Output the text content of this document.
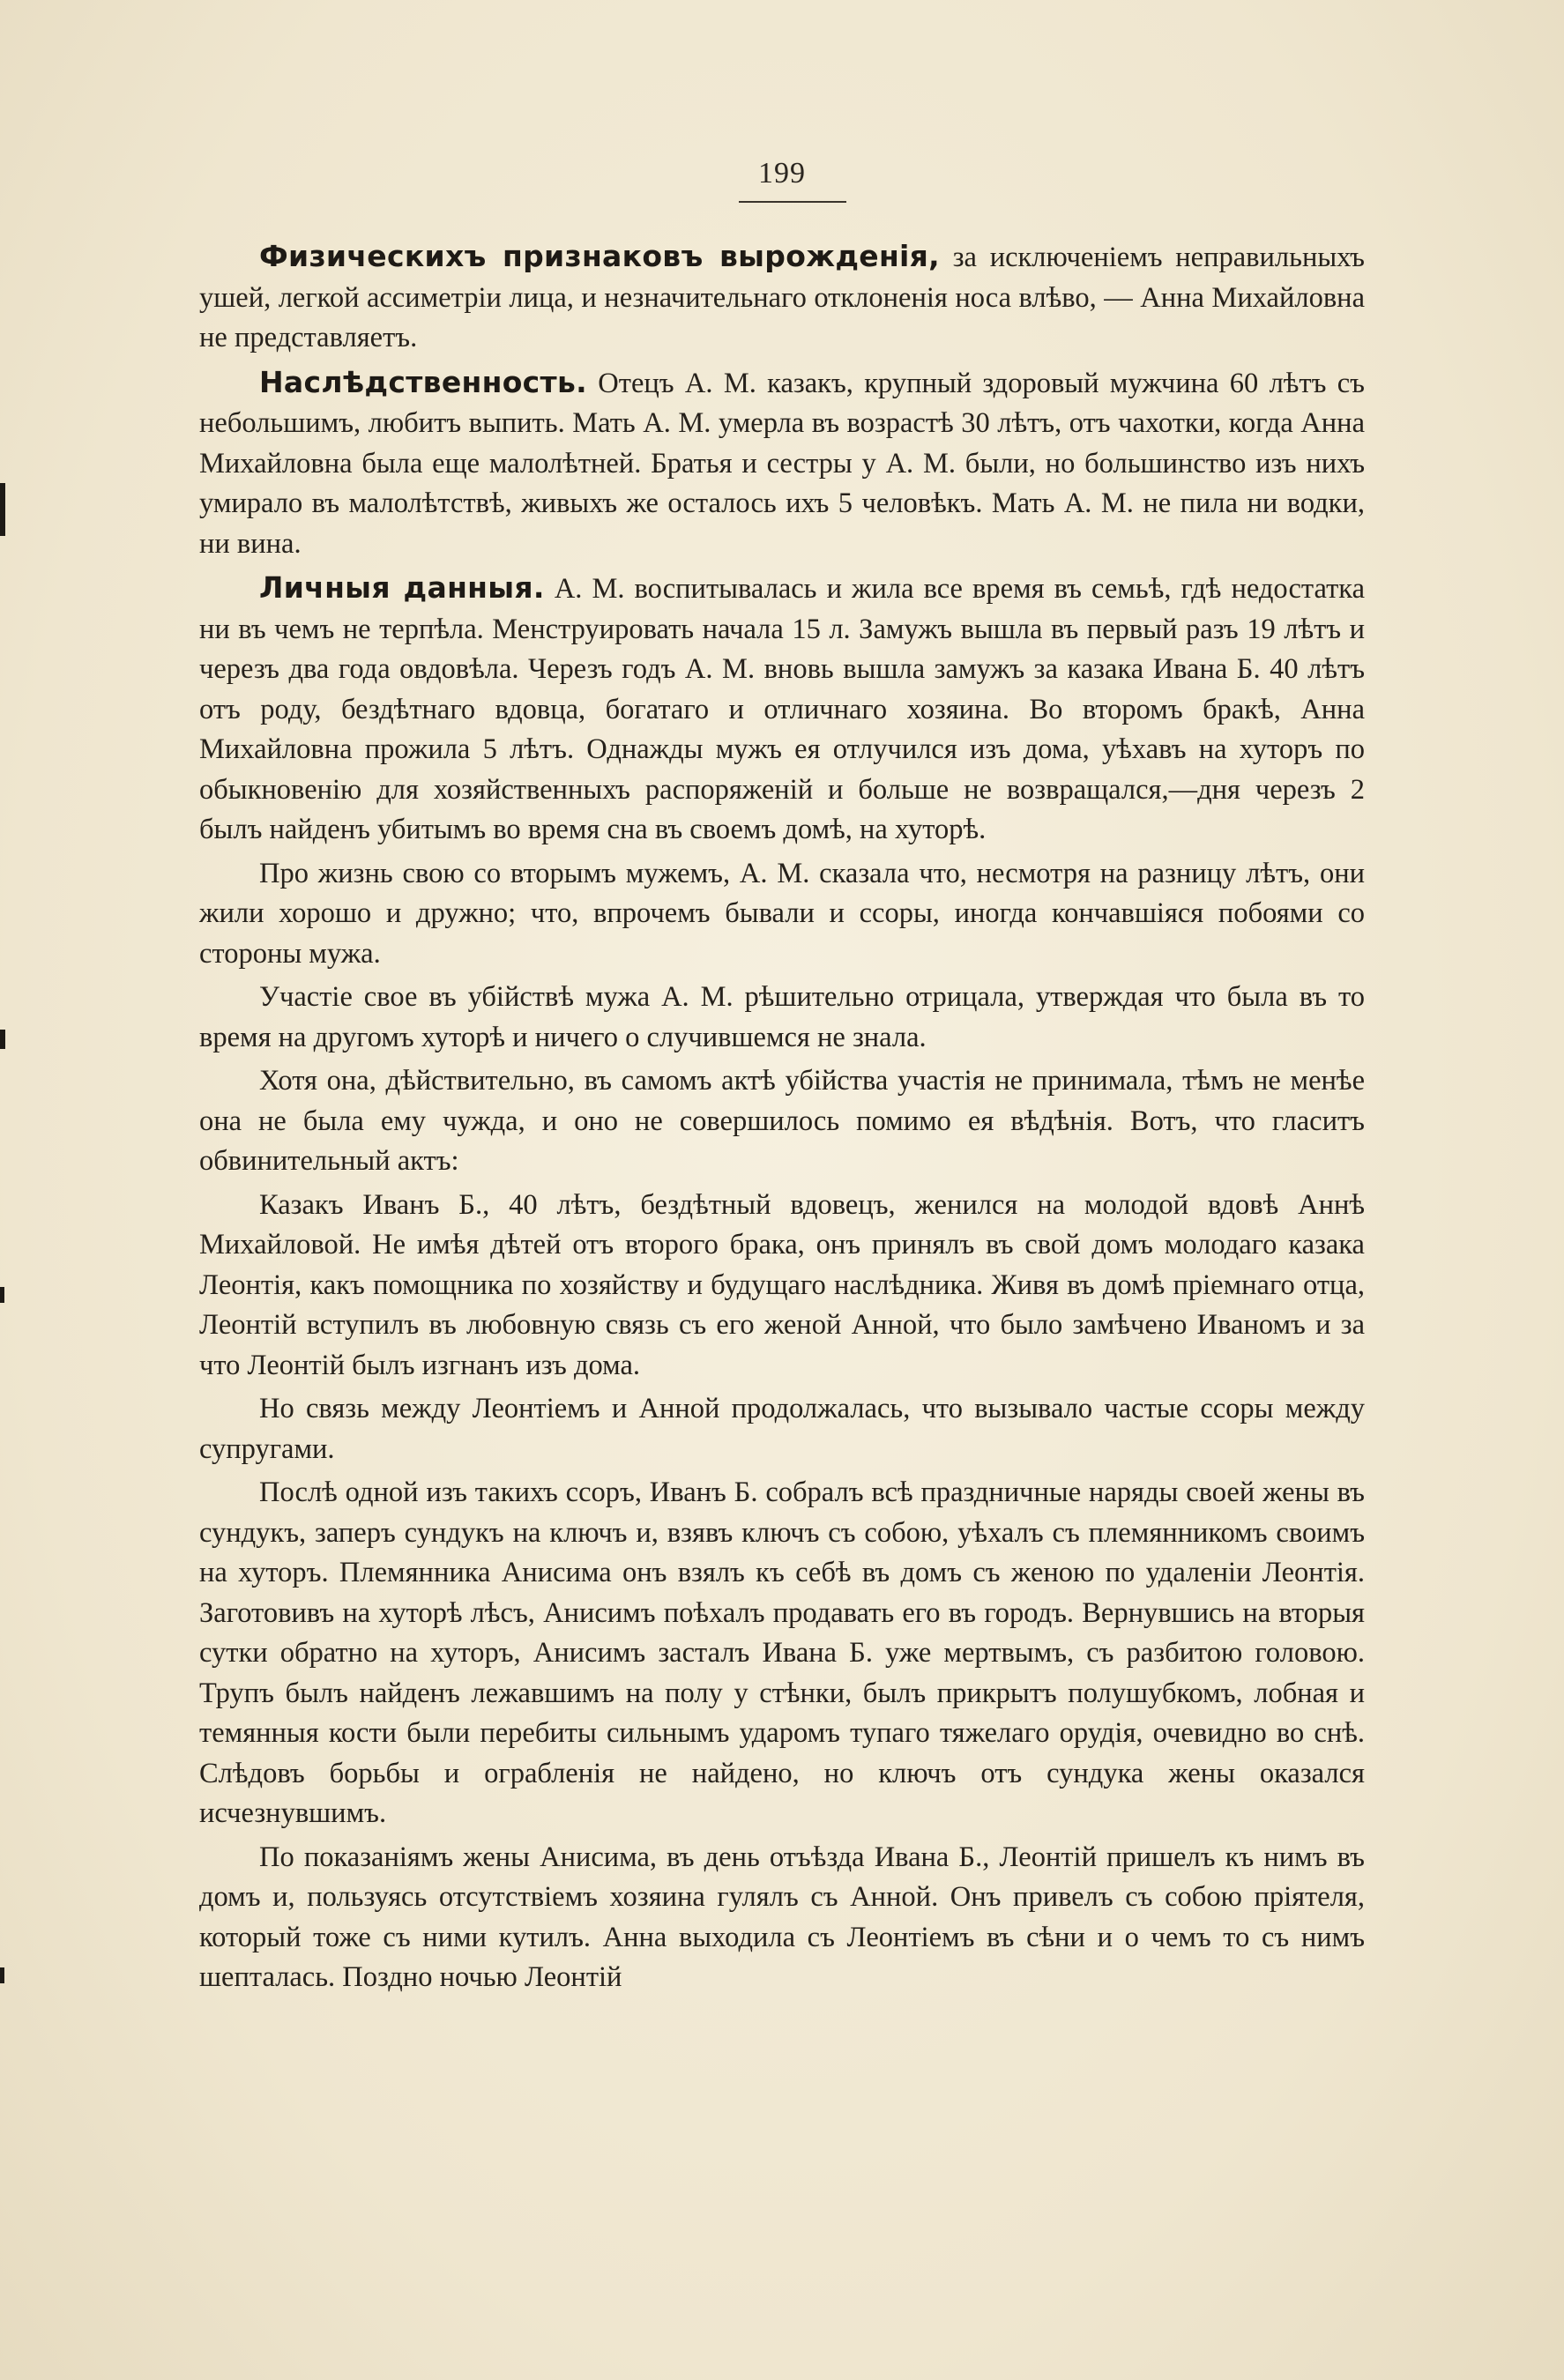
199

Физическихъ признаковъ вырожденія, за исключеніемъ неправильныхъ ушей, легкой ассиметріи лица, и незначительнаго отклоненія носа влѣво, — Анна Михайловна не представляетъ.

Наслѣдственность. Отецъ А. М. казакъ, крупный здоровый мужчина 60 лѣтъ съ небольшимъ, любитъ выпить. Мать А. М. умерла въ возрастѣ 30 лѣтъ, отъ чахотки, когда Анна Михайловна была еще малолѣтней. Братья и сестры у А. М. были, но большинство изъ нихъ умирало въ малолѣтствѣ, живыхъ же осталось ихъ 5 человѣкъ. Мать А. М. не пила ни водки, ни вина.

Личныя данныя. А. М. воспитывалась и жила все время въ семьѣ, гдѣ недостатка ни въ чемъ не терпѣла. Менструировать начала 15 л. Замужъ вышла въ первый разъ 19 лѣтъ и черезъ два года овдовѣла. Черезъ годъ А. М. вновь вышла замужъ за казака Ивана Б. 40 лѣтъ отъ роду, бездѣтнаго вдовца, богатаго и отличнаго хозяина. Во второмъ бракѣ, Анна Михайловна прожила 5 лѣтъ. Однажды мужъ ея отлучился изъ дома, уѣхавъ на хуторъ по обыкновенію для хозяйственныхъ распоряженій и больше не возвращался,—дня черезъ 2 былъ найденъ убитымъ во время сна въ своемъ домѣ, на хуторѣ.

Про жизнь свою со вторымъ мужемъ, А. М. сказала что, несмотря на разницу лѣтъ, они жили хорошо и дружно; что, впрочемъ бывали и ссоры, иногда кончавшіяся побоями со стороны мужа.

Участіе свое въ убійствѣ мужа А. М. рѣшительно отрицала, утверждая что была въ то время на другомъ хуторѣ и ничего о случившемся не знала.

Хотя она, дѣйствительно, въ самомъ актѣ убійства участія не принимала, тѣмъ не менѣе она не была ему чужда, и оно не совершилось помимо ея вѣдѣнія. Вотъ, что гласитъ обвинительный актъ:

Казакъ Иванъ Б., 40 лѣтъ, бездѣтный вдовецъ, женился на молодой вдовѣ Аннѣ Михайловой. Не имѣя дѣтей отъ второго брака, онъ принялъ въ свой домъ молодаго казака Леонтія, какъ помощника по хозяйству и будущаго наслѣдника. Живя въ домѣ пріемнаго отца, Леонтій вступилъ въ любовную связь съ его женой Анной, что было замѣчено Иваномъ и за что Леонтій былъ изгнанъ изъ дома.

Но связь между Леонтіемъ и Анной продолжалась, что вызывало частые ссоры между супругами.

Послѣ одной изъ такихъ ссоръ, Иванъ Б. собралъ всѣ праздничные наряды своей жены въ сундукъ, заперъ сундукъ на ключъ и, взявъ ключъ съ собою, уѣхалъ съ племянникомъ своимъ на хуторъ. Племянника Анисима онъ взялъ къ себѣ въ домъ съ женою по удаленіи Леонтія. Заготовивъ на хуторѣ лѣсъ, Анисимъ поѣхалъ продавать его въ городъ. Вернувшись на вторыя сутки обратно на хуторъ, Анисимъ засталъ Ивана Б. уже мертвымъ, съ разбитою головою. Трупъ былъ найденъ лежавшимъ на полу у стѣнки, былъ прикрытъ полушубкомъ, лобная и темянныя кости были перебиты сильнымъ ударомъ тупаго тяжелаго орудія, очевидно во снѣ. Слѣдовъ борьбы и ограбленія не найдено, но ключъ отъ сундука жены оказался исчезнувшимъ.

По показаніямъ жены Анисима, въ день отъѣзда Ивана Б., Леонтій пришелъ къ нимъ въ домъ и, пользуясь отсутствіемъ хозяина гулялъ съ Анной. Онъ привелъ съ собою пріятеля, который тоже съ ними кутилъ. Анна выходила съ Леонтіемъ въ сѣни и о чемъ то съ нимъ шепталась. Поздно ночью Леонтій
